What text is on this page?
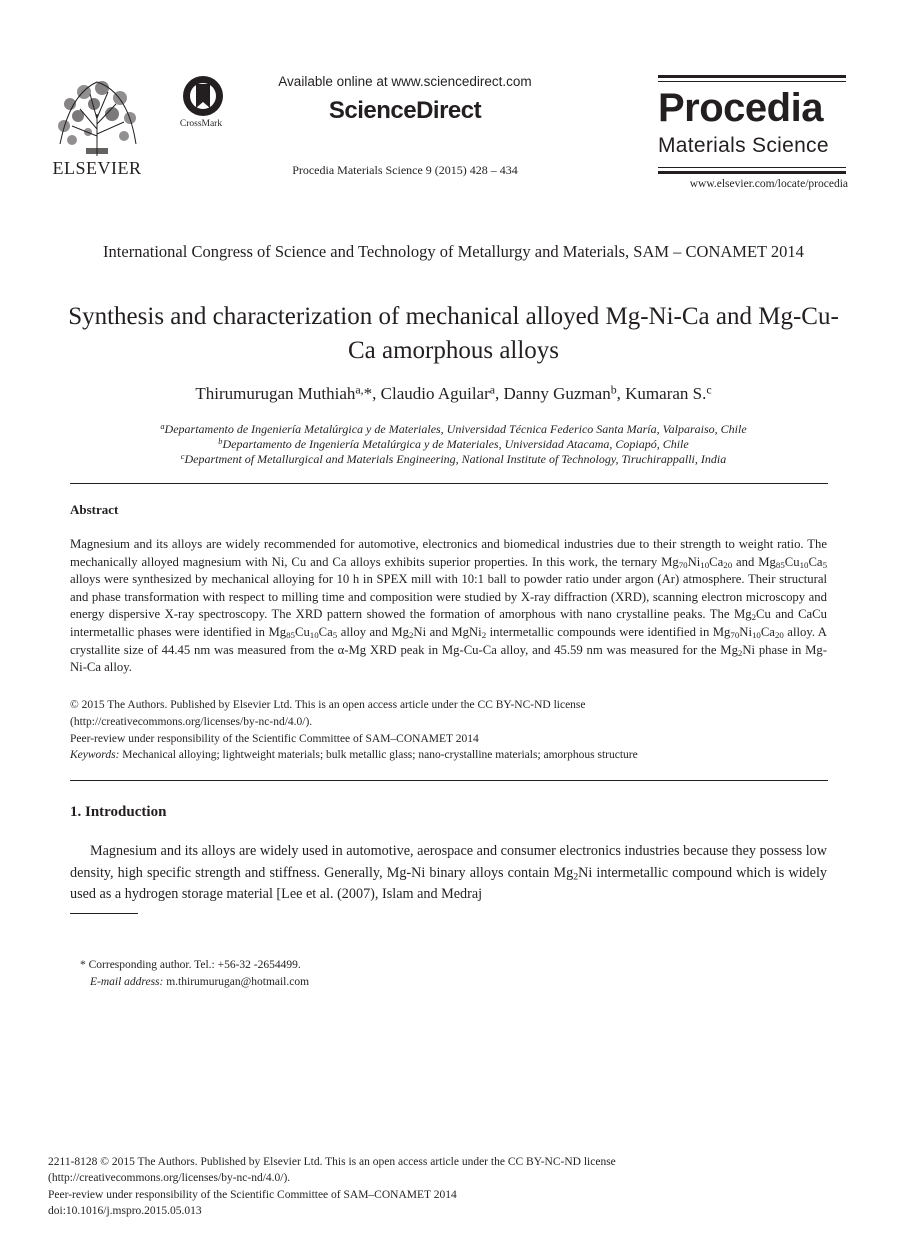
ELSEVIER
CrossMark
Available online at www.sciencedirect.com
ScienceDirect
Procedia Materials Science 9 (2015) 428 – 434
Procedia
Materials Science
www.elsevier.com/locate/procedia
International Congress of Science and Technology of Metallurgy and Materials, SAM – CONAMET 2014
Synthesis and characterization of mechanical alloyed Mg-Ni-Ca and Mg-Cu-Ca amorphous alloys
Thirumurugan Muthiah$^{a,}$*, Claudio Aguilar$^a$, Danny Guzman$^b$, Kumaran S.$^c$
$^a$Departamento de Ingeniería Metalúrgica y de Materiales, Universidad Técnica Federico Santa María, Valparaiso, Chile
$^b$Departamento de Ingeniería Metalúrgica y de Materiales, Universidad Atacama, Copiapó, Chile
$^c$Department of Metallurgical and Materials Engineering, National Institute of Technology, Tiruchirappalli, India
Abstract
Magnesium and its alloys are widely recommended for automotive, electronics and biomedical industries due to their strength to weight ratio. The mechanically alloyed magnesium with Ni, Cu and Ca alloys exhibits superior properties. In this work, the ternary $Mg_{70}Ni_{10}Ca_{20}$ and $Mg_{85}Cu_{10}Ca_5$ alloys were synthesized by mechanical alloying for 10 h in SPEX mill with 10:1 ball to powder ratio under argon (Ar) atmosphere. Their structural and phase transformation with respect to milling time and composition were studied by X-ray diffraction (XRD), scanning electron microscopy and energy dispersive X-ray spectroscopy. The XRD pattern showed the formation of amorphous with nano crystalline peaks. The $Mg_2Cu$ and CaCu intermetallic phases were identified in $Mg_{85}Cu_{10}Ca_5$ alloy and $Mg_2Ni$ and MgNi$_2$ intermetallic compounds were identified in $Mg_{70}Ni_{10}Ca_{20}$ alloy. A crystallite size of 44.45 nm was measured from the α-Mg XRD peak in Mg-Cu-Ca alloy, and 45.59 nm was measured for the $Mg_2Ni$ phase in Mg-Ni-Ca alloy.
© 2015 The Authors. Published by Elsevier Ltd. This is an open access article under the CC BY-NC-ND license
(http://creativecommons.org/licenses/by-nc-nd/4.0/).
Peer-review under responsibility of the Scientific Committee of SAM–CONAMET 2014
Keywords: Mechanical alloying; lightweight materials; bulk metallic glass; nano-crystalline materials; amorphous structure
1. Introduction
Magnesium and its alloys are widely used in automotive, aerospace and consumer electronics industries because they possess low density, high specific strength and stiffness. Generally, Mg-Ni binary alloys contain $Mg_2Ni$ intermetallic compound which is widely used as a hydrogen storage material [Lee et al. (2007), Islam and Medraj
* Corresponding author. Tel.: +56-32 -2654499.
E-mail address: m.thirumurugan@hotmail.com
2211-8128 © 2015 The Authors. Published by Elsevier Ltd. This is an open access article under the CC BY-NC-ND license
(http://creativecommons.org/licenses/by-nc-nd/4.0/).
Peer-review under responsibility of the Scientific Committee of SAM–CONAMET 2014
doi:10.1016/j.mspro.2015.05.013
